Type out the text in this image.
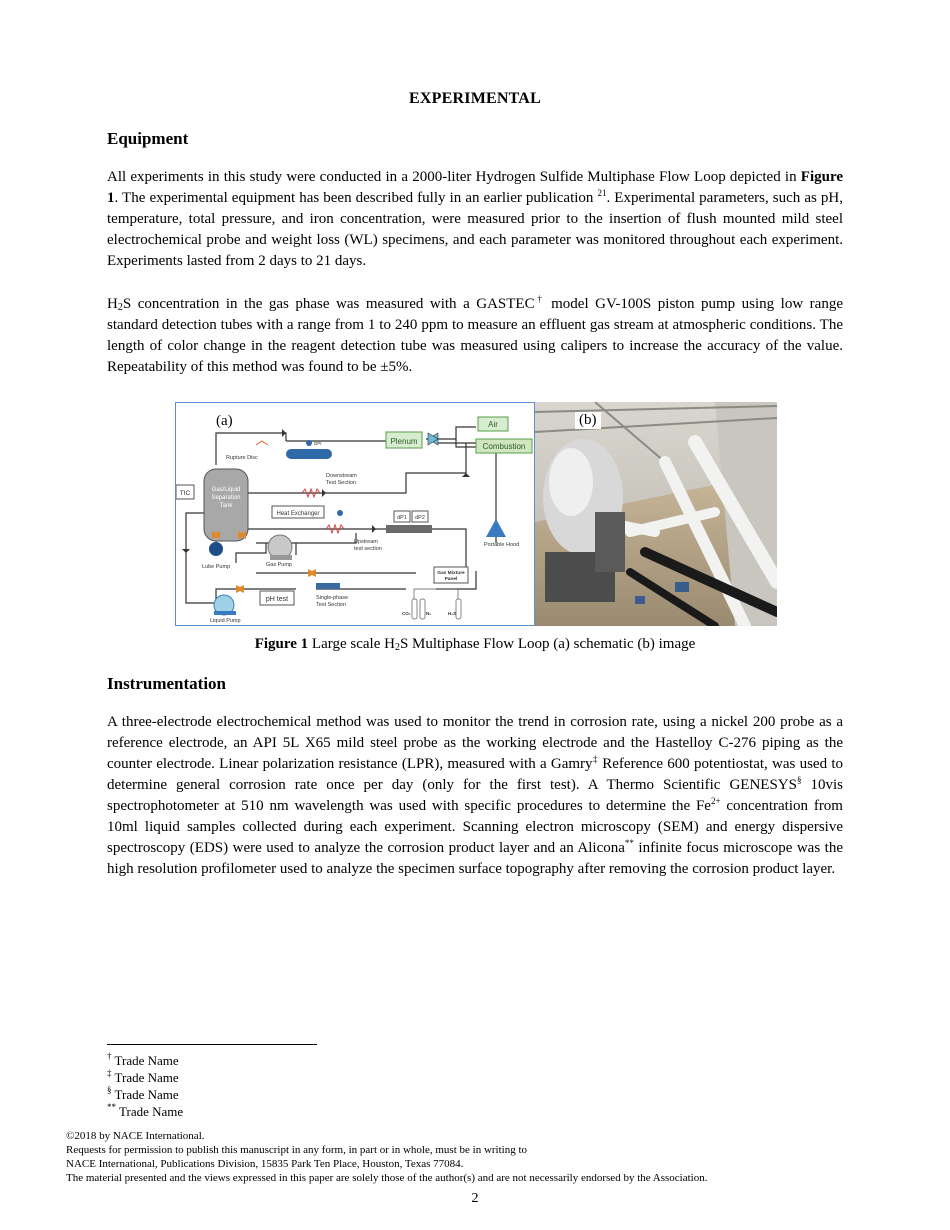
EXPERIMENTAL
Equipment

All experiments in this study were conducted in a 2000-liter Hydrogen Sulfide Multiphase Flow Loop depicted in Figure 1. The experimental equipment has been described fully in an earlier publication $^{21}$. Experimental parameters, such as pH, temperature, total pressure, and iron concentration, were measured prior to the insertion of flush mounted mild steel electrochemical probe and weight loss (WL) specimens, and each parameter was monitored throughout each experiment. Experiments lasted from 2 days to 21 days.

$H_2S$ concentration in the gas phase was measured with a GASTEC† model GV-100S piston pump using low range standard detection tubes with a range from 1 to 240 ppm to measure an effluent gas stream at atmospheric conditions. The length of color change in the reagent detection tube was measured using calipers to increase the accuracy of the value. Repeatability of this method was found to be ±5%.

Plenum
Air
Combustion
Rupture Disc
DPI
Downstream
Test Section
Gas/Liquid
Separation
Tank
TIC
Heat Exchanger
dP1 dP2
Upstream
test section
Portable Hood
Lube Pump	Gas Pump
pH test	Single-phase
Test Section
Liquid Pump
Gas Mixture
Panel
CO₂	N₂	H₂S
(a)	(b)
Figure 1 Large scale $H_2S$ Multiphase Flow Loop (a) schematic (b) image
Instrumentation

A three-electrode electrochemical method was used to monitor the trend in corrosion rate, using a nickel 200 probe as a reference electrode, an API 5L X65 mild steel probe as the working electrode and the Hastelloy C-276 piping as the counter electrode. Linear polarization resistance (LPR), measured with a Gamry‡ Reference 600 potentiostat, was used to determine general corrosion rate once per day (only for the first test). A Thermo Scientific GENESYS§ 10vis spectrophotometer at 510 nm wavelength was used with specific procedures to determine the $Fe^{2+}$ concentration from 10ml liquid samples collected during each experiment. Scanning electron microscopy (SEM) and energy dispersive spectroscopy (EDS) were used to analyze the corrosion product layer and an Alicona** infinite focus microscope was the high resolution profilometer used to analyze the specimen surface topography after removing the corrosion product layer.

† Trade Name
‡ Trade Name
§ Trade Name
** Trade Name
©2018 by NACE International.
Requests for permission to publish this manuscript in any form, in part or in whole, must be in writing to
NACE International, Publications Division, 15835 Park Ten Place, Houston, Texas 77084.
The material presented and the views expressed in this paper are solely those of the author(s) and are not necessarily endorsed by the Association.
2
